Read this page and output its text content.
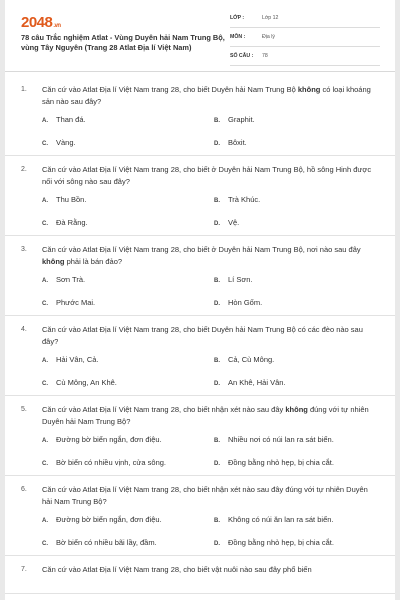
2048.vn
78 câu Trắc nghiệm Atlat - Vùng Duyên hải Nam Trung Bộ, vùng Tây Nguyên (Trang 28 Atlat Địa lí Việt Nam)
LỚP :	Lớp 12
MÔN :	Địa lý
SỐ CÂU : 78
1. Căn cứ vào Atlat Địa lí Việt Nam trang 28, cho biết Duyên hải Nam Trung Bộ không có loại khoáng sản nào sau đây?
A. Than đá.	B. Graphit.
C. Vàng.	D. Bôxit.
2. Căn cứ vào Atlat Địa lí Việt Nam trang 28, cho biết ở Duyên hải Nam Trung Bộ, hồ sông Hinh được nối với sông nào sau đây?
A. Thu Bồn.	B. Trà Khúc.
C. Đà Rằng.	D. Vệ.
3. Căn cứ vào Atlat Địa lí Việt Nam trang 28, cho biết ở Duyên hải Nam Trung Bộ, nơi nào sau đây không phải là bán đảo?
A. Sơn Trà.	B. Lí Sơn.
C. Phước Mai.	D. Hòn Gốm.
4. Căn cứ vào Atlat Địa lí Việt Nam trang 28, cho biết Duyên hải Nam Trung Bộ có các đèo nào sau đây?
A. Hải Vân, Cả.	B. Cả, Cù Mông.
C. Cù Mông, An Khê.	D. An Khê, Hải Vân.
5. Căn cứ vào Atlat Địa lí Việt Nam trang 28, cho biết nhận xét nào sau đây không đúng với tự nhiên Duyên hải Nam Trung Bộ?
A. Đường bờ biển ngắn, đơn điệu.	B. Nhiều nơi có núi lan ra sát biển.
C. Bờ biển có nhiều vịnh, cửa sông.	D. Đồng bằng nhỏ hẹp, bị chia cắt.
6. Căn cứ vào Atlat Địa lí Việt Nam trang 28, cho biết nhận xét nào sau đây đúng với tự nhiên Duyên hải Nam Trung Bộ?
A. Đường bờ biển ngắn, đơn điệu.	B. Không có núi ăn lan ra sát biển.
C. Bờ biển có nhiều bãi lầy, đầm.	D. Đồng bằng nhỏ hẹp, bị chia cắt.
7. Căn cứ vào Atlat Địa lí Việt Nam trang 28, cho biết vật nuôi nào sau đây phổ biến
